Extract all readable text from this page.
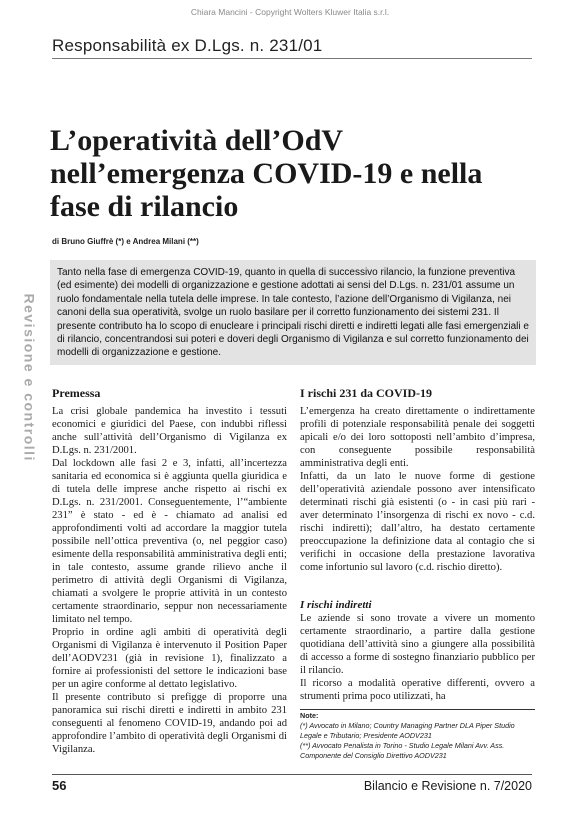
Chiara Mancini - Copyright Wolters Kluwer Italia s.r.l.
Responsabilità ex D.Lgs. n. 231/01
L’operatività dell’OdV nell’emergenza COVID-19 e nella fase di rilancio
di Bruno Giuffrè (*) e Andrea Milani (**)
Tanto nella fase di emergenza COVID-19, quanto in quella di successivo rilancio, la funzione preventiva (ed esimente) dei modelli di organizzazione e gestione adottati ai sensi del D.Lgs. n. 231/01 assume un ruolo fondamentale nella tutela delle imprese. In tale contesto, l’azione dell’Organismo di Vigilanza, nei canoni della sua operatività, svolge un ruolo basilare per il corretto funzionamento dei sistemi 231. Il presente contributo ha lo scopo di enucleare i principali rischi diretti e indiretti legati alle fasi emergenziali e di rilancio, concentrandosi sui poteri e doveri degli Organismo di Vigilanza e sul corretto funzionamento dei modelli di organizzazione e gestione.
Revisione e controlli Premessa

La crisi globale pandemica ha investito i tessuti economici e giuridici del Paese, con indubbi riflessi anche sull’attività dell’Organismo di Vigilanza ex D.Lgs. n. 231/2001.

Dal lockdown alle fasi 2 e 3, infatti, all’incertezza sanitaria ed economica si è aggiunta quella giuridica e di tutela delle imprese anche rispetto ai rischi ex D.Lgs. n. 231/2001. Conseguentemente, l’“ambiente 231” è stato - ed è - chiamato ad analisi ed approfondimenti volti ad accordare la maggior tutela possibile nell’ottica preventiva (o, nel peggior caso) esimente della responsabilità amministrativa degli enti; in tale contesto, assume grande rilievo anche il perimetro di attività degli Organismi di Vigilanza, chiamati a svolgere le proprie attività in un contesto certamente straordinario, seppur non necessariamente limitato nel tempo.

Proprio in ordine agli ambiti di operatività degli Organismi di Vigilanza è intervenuto il Position Paper dell’AODV231 (già in revisione 1), finalizzato a fornire ai professionisti del settore le indicazioni base per un agire conforme al dettato legislativo.

Il presente contributo si prefigge di proporre una panoramica sui rischi diretti e indiretti in ambito 231 conseguenti al fenomeno COVID-19, andando poi ad approfondire l’ambito di operatività degli Organismi di Vigilanza.

I rischi 231 da COVID-19

L’emergenza ha creato direttamente o indirettamente profili di potenziale responsabilità penale dei soggetti apicali e/o dei loro sottoposti nell’ambito d’impresa, con conseguente possibile responsabilità amministrativa degli enti.

Infatti, da un lato le nuove forme di gestione dell’operatività aziendale possono aver intensificato determinati rischi già esistenti (o - in casi più rari - aver determinato l’insorgenza di rischi ex novo - c.d. rischi indiretti); dall’altro, ha destato certamente preoccupazione la definizione data al contagio che si verifichi in occasione della prestazione lavorativa come infortunio sul lavoro (c.d. rischio diretto).

I rischi indiretti

Le aziende si sono trovate a vivere un momento certamente straordinario, a partire dalla gestione quotidiana dell’attività sino a giungere alla possibilità di accesso a forme di sostegno finanziario pubblico per il rilancio.

Il ricorso a modalità operative differenti, ovvero a strumenti prima poco utilizzati, ha

Note:
(*) Avvocato in Milano; Country Managing Partner DLA Piper Studio Legale e Tributario; Presidente AODV231
(**) Avvocato Penalista in Torino - Studio Legale Milani Avv. Ass. Componente del Consiglio Direttivo AODV231
56	Bilancio e Revisione n. 7/2020
